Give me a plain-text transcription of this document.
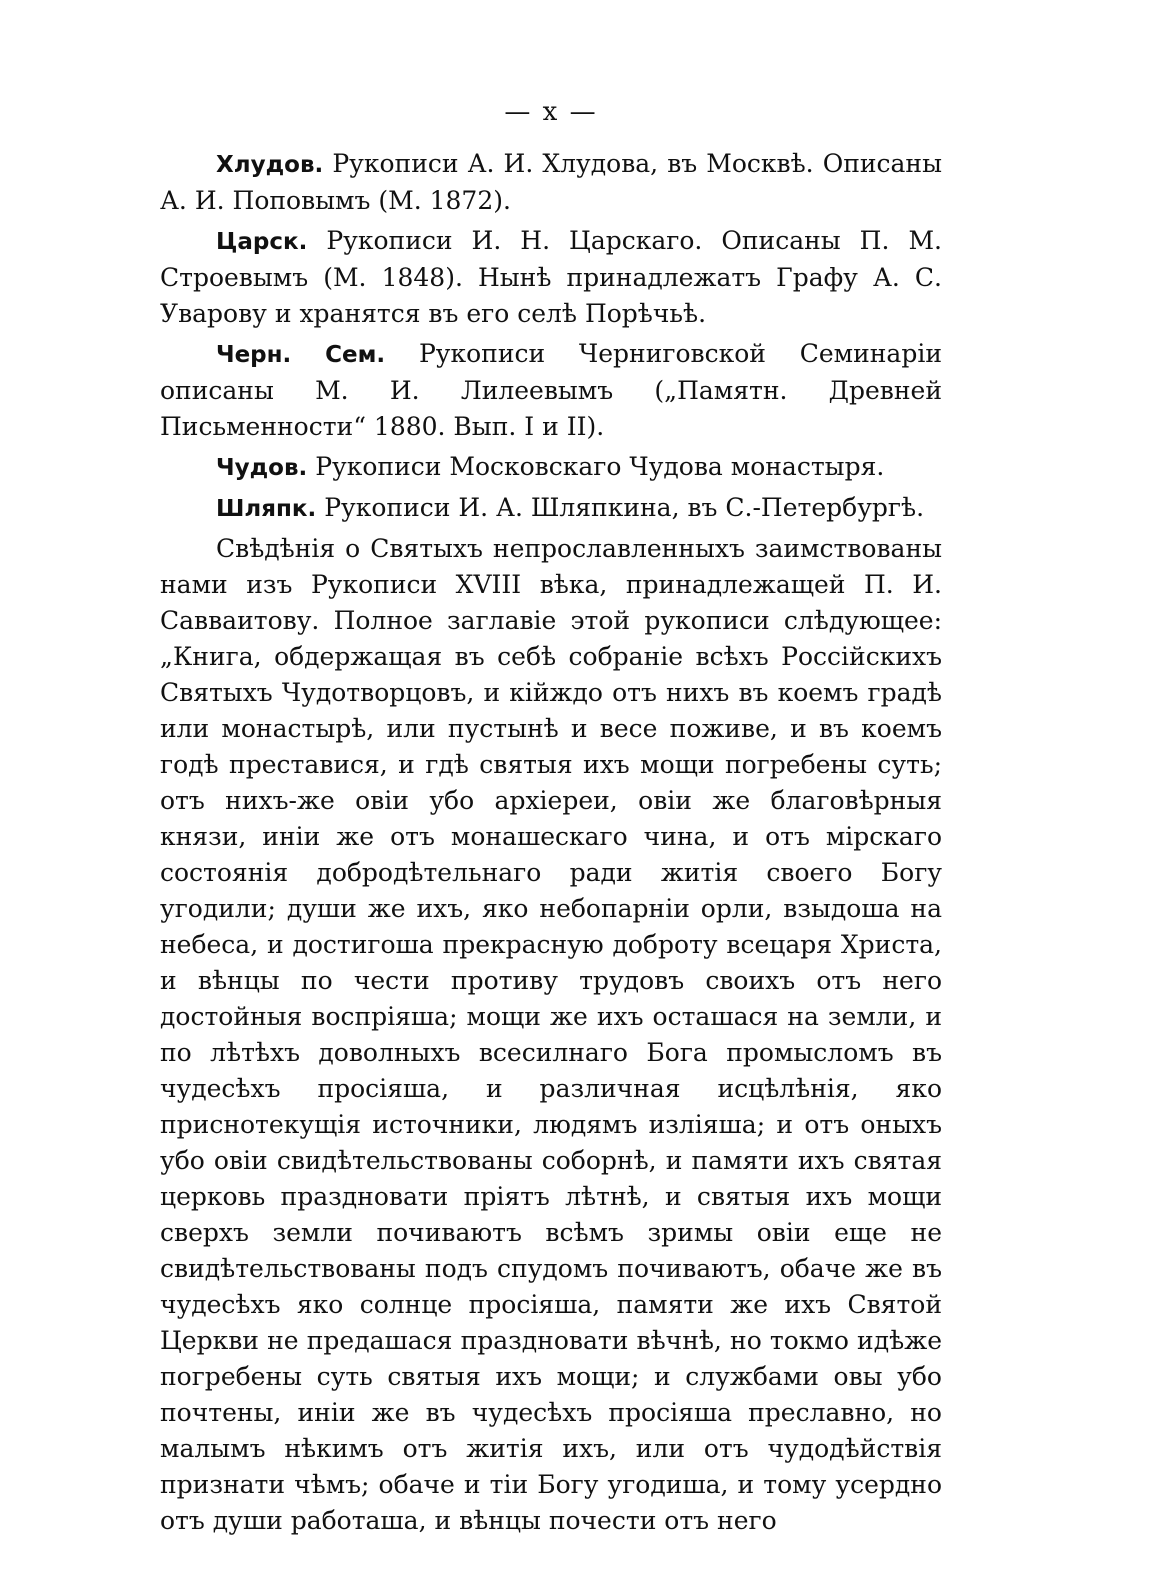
— x —

Хлудов. Рукописи А. И. Хлудова, въ Москвѣ. Описаны А. И. Поповымъ (М. 1872).

Царск. Рукописи И. Н. Царскаго. Описаны П. М. Строевымъ (М. 1848). Нынѣ принадлежатъ Графу А. С. Уварову и хранятся въ его селѣ Порѣчьѣ.

Черн. Сем. Рукописи Черниговской Семинаріи описаны М. И. Лилеевымъ („Памятн. Древней Письменности“ 1880. Вып. I и II).

Чудов. Рукописи Московскаго Чудова монастыря.

Шляпк. Рукописи И. А. Шляпкина, въ С.-Петербургѣ.

Свѣдѣнія о Святыхъ непрославленныхъ заимствованы нами изъ Рукописи XVIII вѣка, принадлежащей П. И. Савваитову. Полное заглавіе этой рукописи слѣдующее: „Книга, обдержащая въ себѣ собраніе всѣхъ Россійскихъ Святыхъ Чудотворцовъ, и кійждо отъ нихъ въ коемъ градѣ или монастырѣ, или пустынѣ и весе поживе, и въ коемъ годѣ преставися, и гдѣ святыя ихъ мощи погребены суть; отъ нихъ-же овіи убо архіереи, овіи же благовѣрныя князи, иніи же отъ монашескаго чина, и отъ мірскаго состоянія добродѣтельнаго ради житія своего Богу угодили; души же ихъ, яко небопарніи орли, взыдоша на небеса, и достигоша прекрасную доброту всецаря Христа, и вѣнцы по чести противу трудовъ своихъ отъ него достойныя воспріяша; мощи же ихъ осташася на земли, и по лѣтѣхъ доволныхъ всесилнаго Бога промысломъ въ чудесѣхъ просіяша, и различная исцѣлѣнія, яко приснотекущія источники, людямъ изліяша; и отъ оныхъ убо овіи свидѣтельствованы соборнѣ, и памяти ихъ святая церковь праздновати пріятъ лѣтнѣ, и святыя ихъ мощи сверхъ земли почиваютъ всѣмъ зримы овіи еще не свидѣтельствованы подъ спудомъ почиваютъ, обаче же въ чудесѣхъ яко солнце просіяша, памяти же ихъ Святой Церкви не предашася праздновати вѣчнѣ, но токмо идѣже погребены суть святыя ихъ мощи; и службами овы убо почтены, иніи же въ чудесѣхъ просіяша преславно, но малымъ нѣкимъ отъ житія ихъ, или отъ чудодѣйствія признати чѣмъ; обаче и тіи Богу угодиша, и тому усердно отъ души работаша, и вѣнцы почести отъ него
